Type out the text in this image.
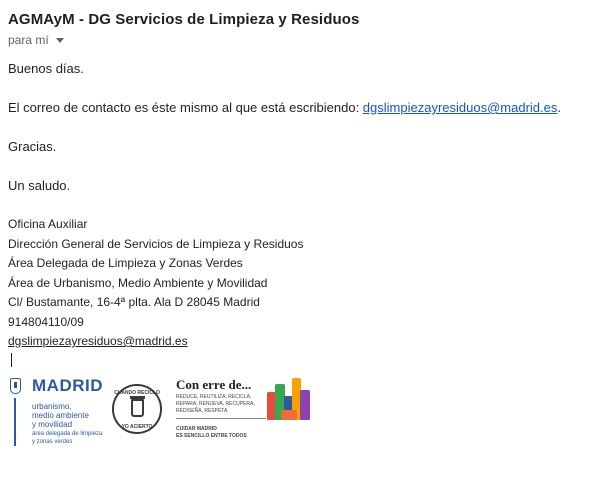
AGMAyM - DG Servicios de Limpieza y Residuos
para mí
Buenos días.
El correo de contacto es éste mismo al que está escribiendo: dgslimpiezayresiduos@madrid.es.
Gracias.
Un saludo.
Oficina Auxiliar
Dirección General de Servicios de Limpieza y Residuos
Área Delegada de Limpieza y Zonas Verdes
Área de Urbanismo, Medio Ambiente y Movilidad
Cl/ Bustamante, 16-4ª plta. Ala D 28045 Madrid
914804110/09
dgslimpiezayresiduos@madrid.es
MADRID
urbanismo,
medio ambiente
y movilidad
área delegada de limpieza
y zonas verdes
CUANDO RECICLO
YO ACIERTO
Con erre de...
REDUCE, REUTILIZA, RECICLA,
REPARA, RENUEVA, RECUPERA,
REDISEÑA, RESPETA
CUIDAR MADRID
ES SENCILLO ENTRE TODOS
